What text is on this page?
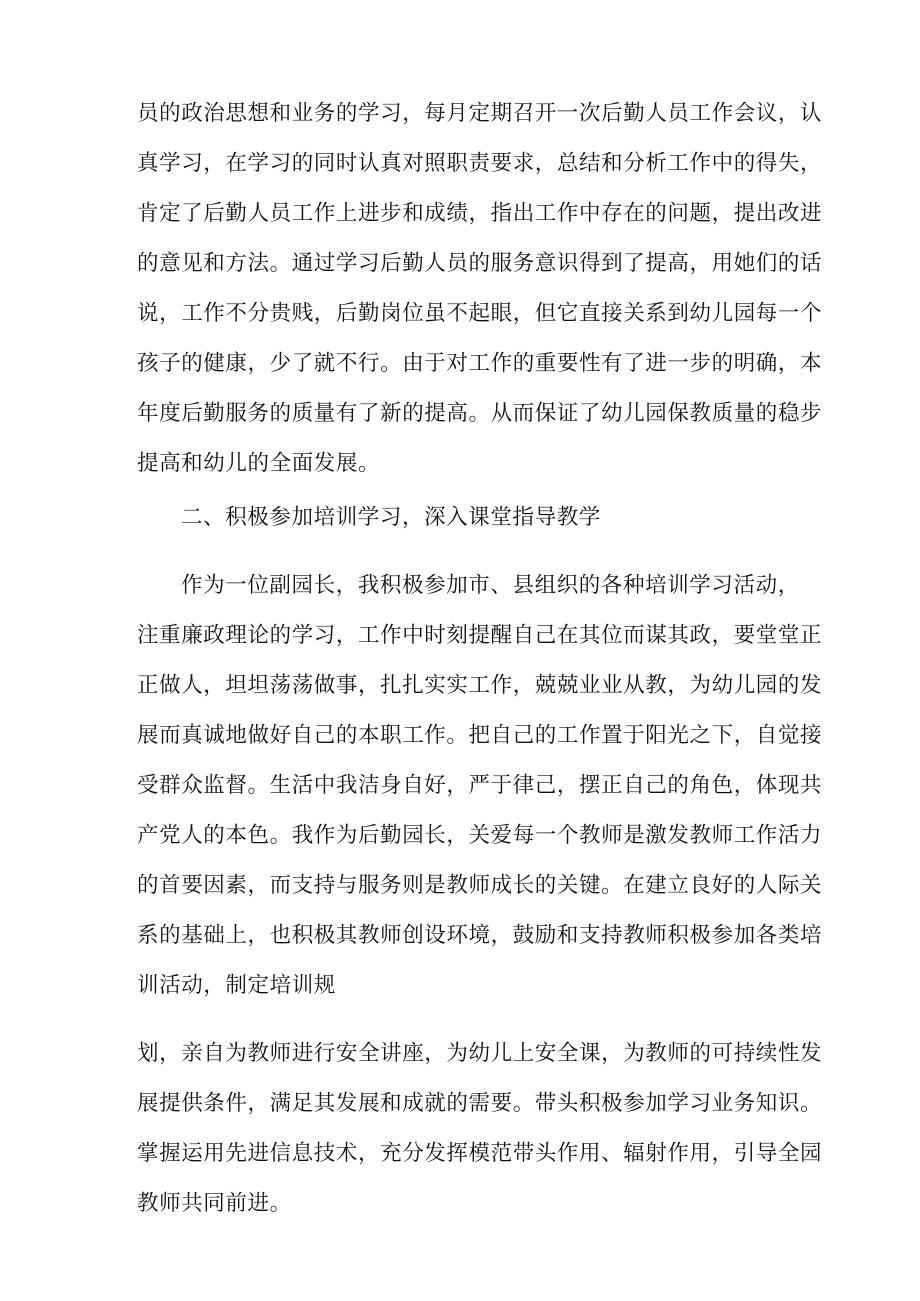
员的政治思想和业务的学习，每月定期召开一次后勤人员工作会议，认
真学习，在学习的同时认真对照职责要求，总结和分析工作中的得失，
肯定了后勤人员工作上进步和成绩，指出工作中存在的问题，提出改进
的意见和方法。通过学习后勤人员的服务意识得到了提高，用她们的话
说，工作不分贵贱，后勤岗位虽不起眼，但它直接关系到幼儿园每一个
孩子的健康，少了就不行。由于对工作的重要性有了进一步的明确，本
年度后勤服务的质量有了新的提高。从而保证了幼儿园保教质量的稳步
提高和幼儿的全面发展。
二、积极参加培训学习，深入课堂指导教学
作为一位副园长，我积极参加市、县组织的各种培训学习活动，
注重廉政理论的学习，工作中时刻提醒自己在其位而谋其政，要堂堂正
正做人，坦坦荡荡做事，扎扎实实工作，兢兢业业从教，为幼儿园的发
展而真诚地做好自己的本职工作。把自己的工作置于阳光之下，自觉接
受群众监督。生活中我洁身自好，严于律己，摆正自己的角色，体现共
产党人的本色。我作为后勤园长，关爱每一个教师是激发教师工作活力
的首要因素，而支持与服务则是教师成长的关键。在建立良好的人际关
系的基础上，也积极其教师创设环境，鼓励和支持教师积极参加各类培
训活动，制定培训规
划，亲自为教师进行安全讲座，为幼儿上安全课，为教师的可持续性发
展提供条件，满足其发展和成就的需要。带头积极参加学习业务知识。
掌握运用先进信息技术，充分发挥模范带头作用、辐射作用，引导全园
教师共同前进。
